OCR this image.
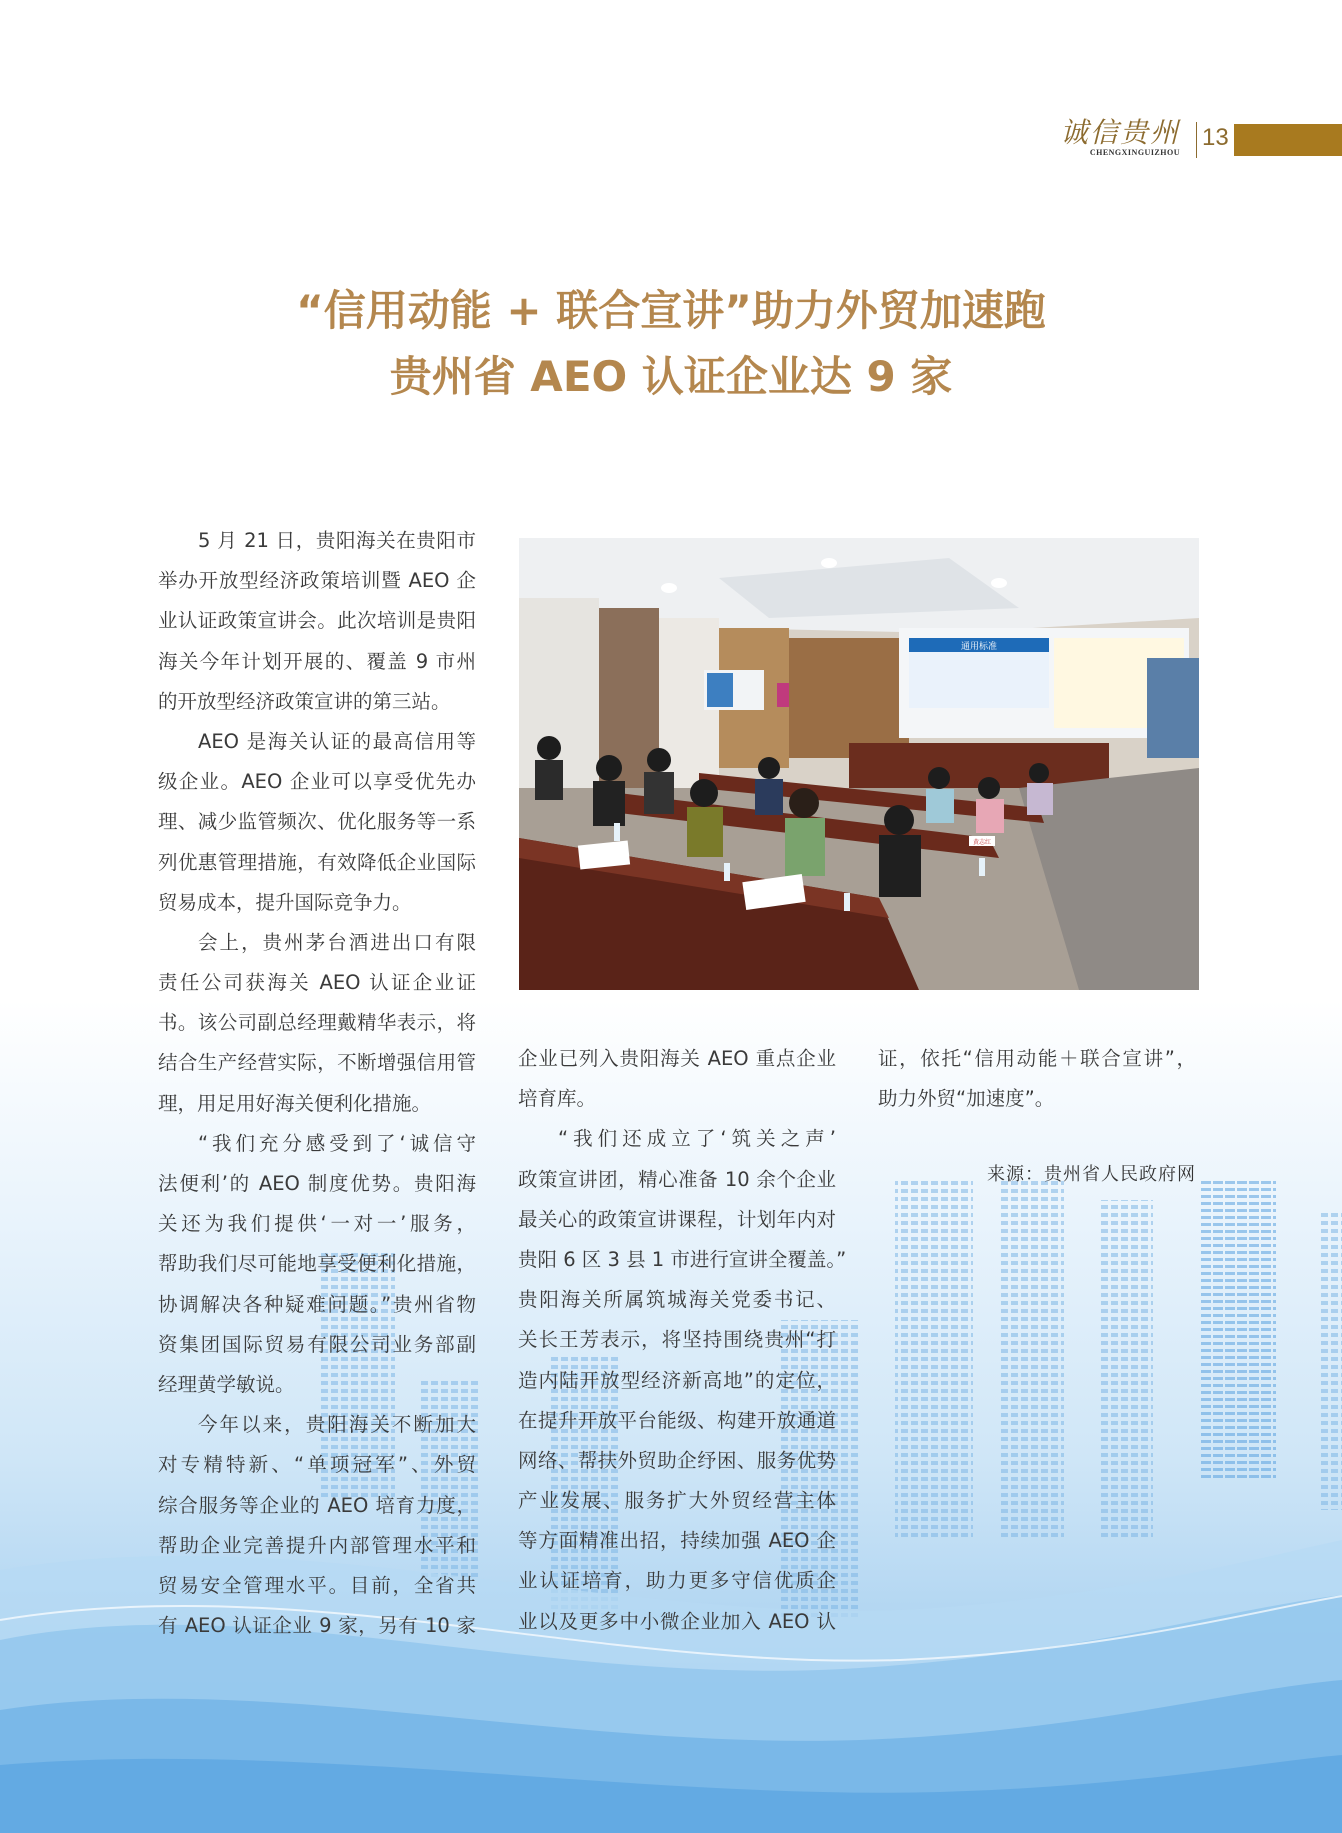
诚信贵州
CHENGXINGUIZHOU
13
“信用动能 + 联合宣讲”助力外贸加速跑
贵州省 AEO 认证企业达 9 家
通用标准
黄志红
5 月 21 日，贵阳海关在贵阳市
举办开放型经济政策培训暨 AEO 企
业认证政策宣讲会。此次培训是贵阳
海关今年计划开展的、覆盖 9 市州
的开放型经济政策宣讲的第三站。
AEO 是海关认证的最高信用等
级企业。AEO 企业可以享受优先办
理、减少监管频次、优化服务等一系
列优惠管理措施，有效降低企业国际
贸易成本，提升国际竞争力。
会上，贵州茅台酒进出口有限
责任公司获海关 AEO 认证企业证
书。该公司副总经理戴精华表示，将
结合生产经营实际，不断增强信用管
理，用足用好海关便利化措施。
“我们充分感受到了‘诚信守
法便利’的 AEO 制度优势。贵阳海
关还为我们提供‘一对一’服务，
帮助我们尽可能地享受便利化措施，
协调解决各种疑难问题。”贵州省物
资集团国际贸易有限公司业务部副
经理黄学敏说。
今年以来，贵阳海关不断加大
对专精特新、“单项冠军”、外贸
综合服务等企业的 AEO 培育力度，
帮助企业完善提升内部管理水平和
贸易安全管理水平。目前，全省共
有 AEO 认证企业 9 家，另有 10 家
企业已列入贵阳海关 AEO 重点企业
培育库。
“我们还成立了‘筑关之声’
政策宣讲团，精心准备 10 余个企业
最关心的政策宣讲课程，计划年内对
贵阳 6 区 3 县 1 市进行宣讲全覆盖。”
贵阳海关所属筑城海关党委书记、
关长王芳表示，将坚持围绕贵州“打
造内陆开放型经济新高地”的定位，
在提升开放平台能级、构建开放通道
网络、帮扶外贸助企纾困、服务优势
产业发展、服务扩大外贸经营主体
等方面精准出招，持续加强 AEO 企
业认证培育，助力更多守信优质企
业以及更多中小微企业加入 AEO 认
证，依托“信用动能＋联合宣讲”，
助力外贸“加速度”。
来源：贵州省人民政府网
